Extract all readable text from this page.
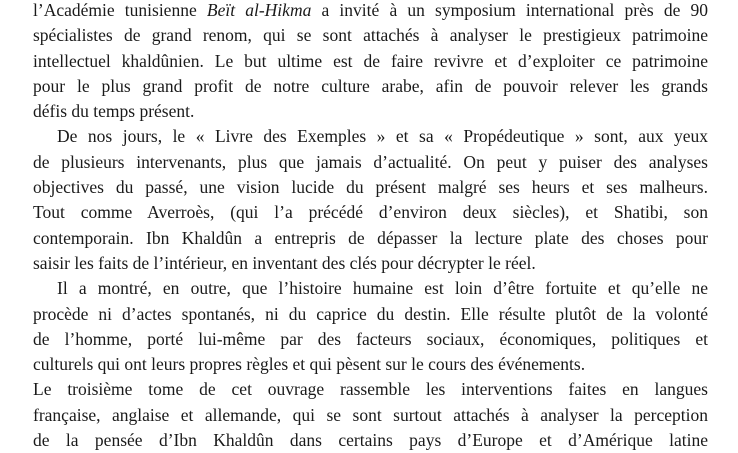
l’Académie tunisienne Beït al-Hikma a invité à un symposium international près de 90
spécialistes de grand renom, qui se sont attachés à analyser le prestigieux patrimoine
intellectuel khaldûnien. Le but ultime est de faire revivre et d’exploiter ce patrimoine
pour le plus grand profit de notre culture arabe, afin de pouvoir relever les grands
défis du temps présent.
De nos jours, le « Livre des Exemples » et sa « Propédeutique » sont, aux yeux
de plusieurs intervenants, plus que jamais d’actualité. On peut y puiser des analyses
objectives du passé, une vision lucide du présent malgré ses heurs et ses malheurs.
Tout comme Averroès, (qui l’a précédé d’environ deux siècles), et Shatibi, son
contemporain. Ibn Khaldûn a entrepris de dépasser la lecture plate des choses pour
saisir les faits de l’intérieur, en inventant des clés pour décrypter le réel.
Il a montré, en outre, que l’histoire humaine est loin d’être fortuite et qu’elle ne
procède ni d’actes spontanés, ni du caprice du destin. Elle résulte plutôt de la volonté
de l’homme, porté lui-même par des facteurs sociaux, économiques, politiques et
culturels qui ont leurs propres règles et qui pèsent sur le cours des événements.
Le troisième tome de cet ouvrage rassemble les interventions faites en langues
française, anglaise et allemande, qui se sont surtout attachés à analyser la perception
de la pensée d’Ibn Khaldûn dans certains pays d’Europe et d’Amérique latine
